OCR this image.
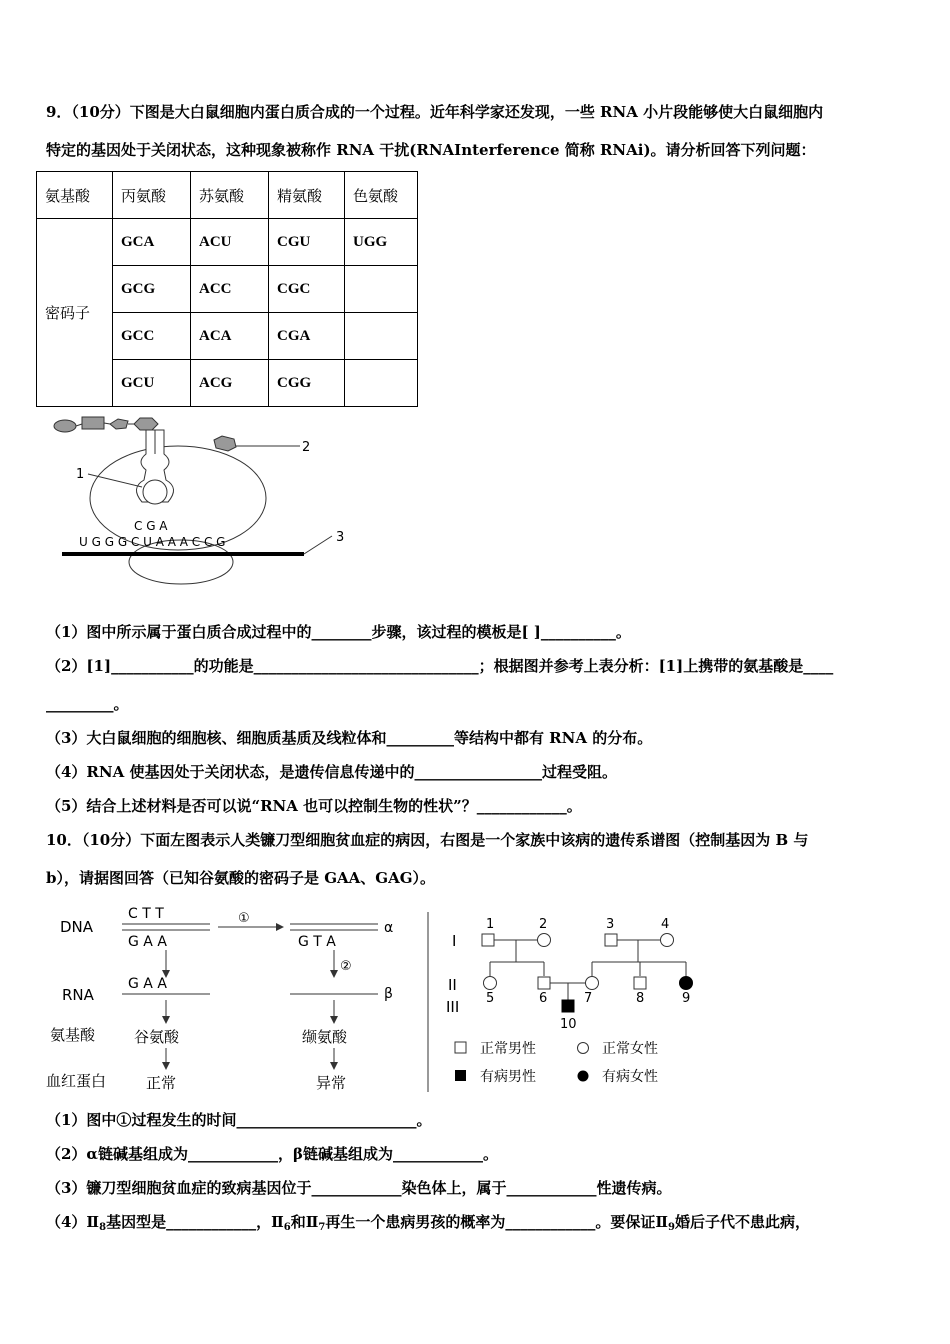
9．（10分）下图是大白鼠细胞内蛋白质合成的一个过程。近年科学家还发现，一些 RNA 小片段能够使大白鼠细胞内
特定的基因处于关闭状态，这种现象被称作 RNA 干扰(RNAInterference 简称 RNAi)。请分析回答下列问题：
氨基酸	丙氨酸	苏氨酸	精氨酸	色氨酸
密码子	GCA	ACU	CGU	UGG
	GCG	ACC	CGC	
	GCC	ACA	CGA	
	GCU	ACG	CGG	
2
1
C G A
U G G G C U A A A C C G	3
（1）图中所示属于蛋白质合成过程中的________步骤，该过程的模板是[ ]__________。
（2）[1]___________的功能是______________________________；根据图并参考上表分析：[1]上携带的氨基酸是____
_________。
（3）大白鼠细胞的细胞核、细胞质基质及线粒体和_________等结构中都有 RNA 的分布。
（4）RNA 使基因处于关闭状态，是遗传信息传递中的_________________过程受阻。
（5）结合上述材料是否可以说“RNA 也可以控制生物的性状”？____________。
10．（10分）下面左图表示人类镰刀型细胞贫血症的病因，右图是一个家族中该病的遗传系谱图（控制基因为 B 与
b），请据图回答（已知谷氨酸的密码子是 GAA、GAG）。
DNA
RNA
氨基酸
血红蛋白
C T T
G A A
①
G T A
α
G A A
②
β
谷氨酸	缬氨酸
正常	异常
I
II
III
1	2	3	4
5	6	7	8	9
10
正常男性	正常女性
有病男性	有病女性
（1）图中①过程发生的时间________________________。
（2）α链碱基组成为____________，β链碱基组成为____________。
（3）镰刀型细胞贫血症的致病基因位于____________染色体上，属于____________性遗传病。
$(4)Ⅱ_8$基因型是____________，$Ⅱ_6$和$Ⅱ_7$再生一个患病男孩的概率为____________。要保证$Ⅱ_9$婚后子代不患此病，
